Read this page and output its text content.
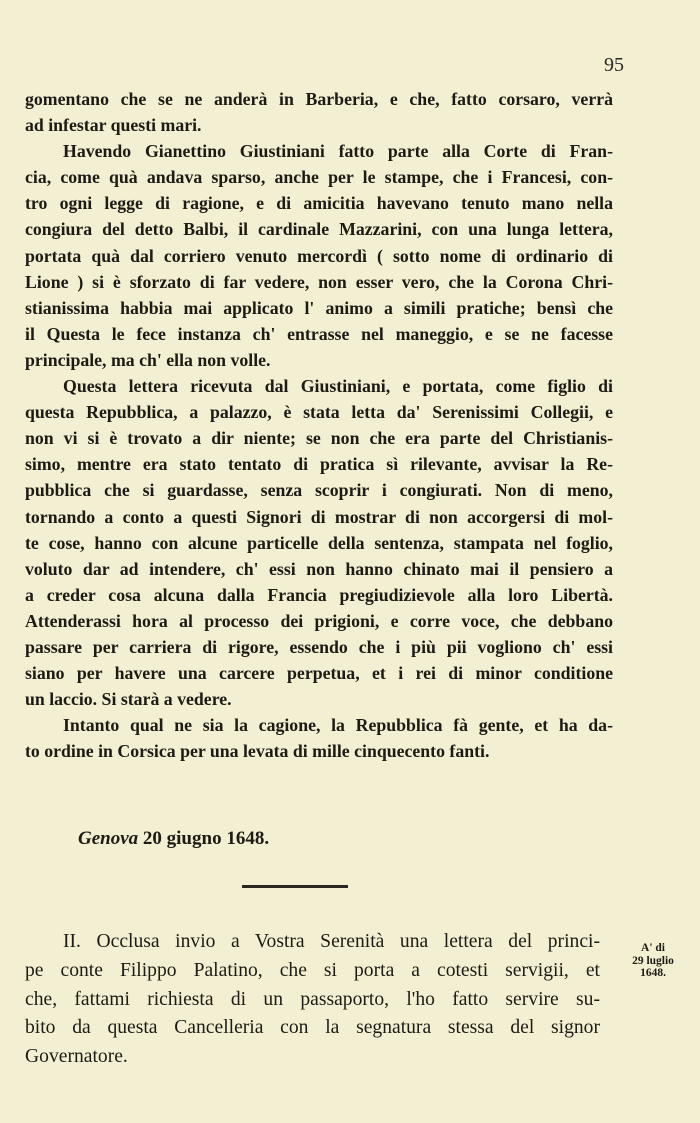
95
gomentano che se ne anderà in Barberia, e che, fatto corsaro, verrà
ad infestar questi mari.
Havendo Gianettino Giustiniani fatto parte alla Corte di Fran-
cia, come quà andava sparso, anche per le stampe, che i Francesi, con-
tro ogni legge di ragione, e di amicitia havevano tenuto mano nella
congiura del detto Balbi, il cardinale Mazzarini, con una lunga lettera,
portata quà dal corriero venuto mercordì ( sotto nome di ordinario di
Lione ) si è sforzato di far vedere, non esser vero, che la Corona Chri-
stianissima habbia mai applicato l' animo a simili pratiche; bensì che
il Questa le fece instanza ch' entrasse nel maneggio, e se ne facesse
principale, ma ch' ella non volle.
Questa lettera ricevuta dal Giustiniani, e portata, come figlio di
questa Repubblica, a palazzo, è stata letta da' Serenissimi Collegii, e
non vi si è trovato a dir niente; se non che era parte del Christianis-
simo, mentre era stato tentato di pratica sì rilevante, avvisar la Re-
pubblica che si guardasse, senza scoprir i congiurati. Non di meno,
tornando a conto a questi Signori di mostrar di non accorgersi di mol-
te cose, hanno con alcune particelle della sentenza, stampata nel foglio,
voluto dar ad intendere, ch' essi non hanno chinato mai il pensiero a
a creder cosa alcuna dalla Francia pregiudizievole alla loro Libertà.
Attenderassi hora al processo dei prigioni, e corre voce, che debbano
passare per carriera di rigore, essendo che i più pii vogliono ch' essi
siano per havere una carcere perpetua, et i rei di minor conditione
un laccio. Si starà a vedere.
Intanto qual ne sia la cagione, la Repubblica fà gente, et ha da-
to ordine in Corsica per una levata di mille cinquecento fanti.
Genova 20 giugno 1648.
II. Occlusa invio a Vostra Serenità una lettera del princi-
pe conte Filippo Palatino, che si porta a cotesti servigii, et
che, fattami richiesta di un passaporto, l'ho fatto servire su-
bito da questa Cancelleria con la segnatura stessa del signor
Governatore.
A' di
29 luglio
1648.
